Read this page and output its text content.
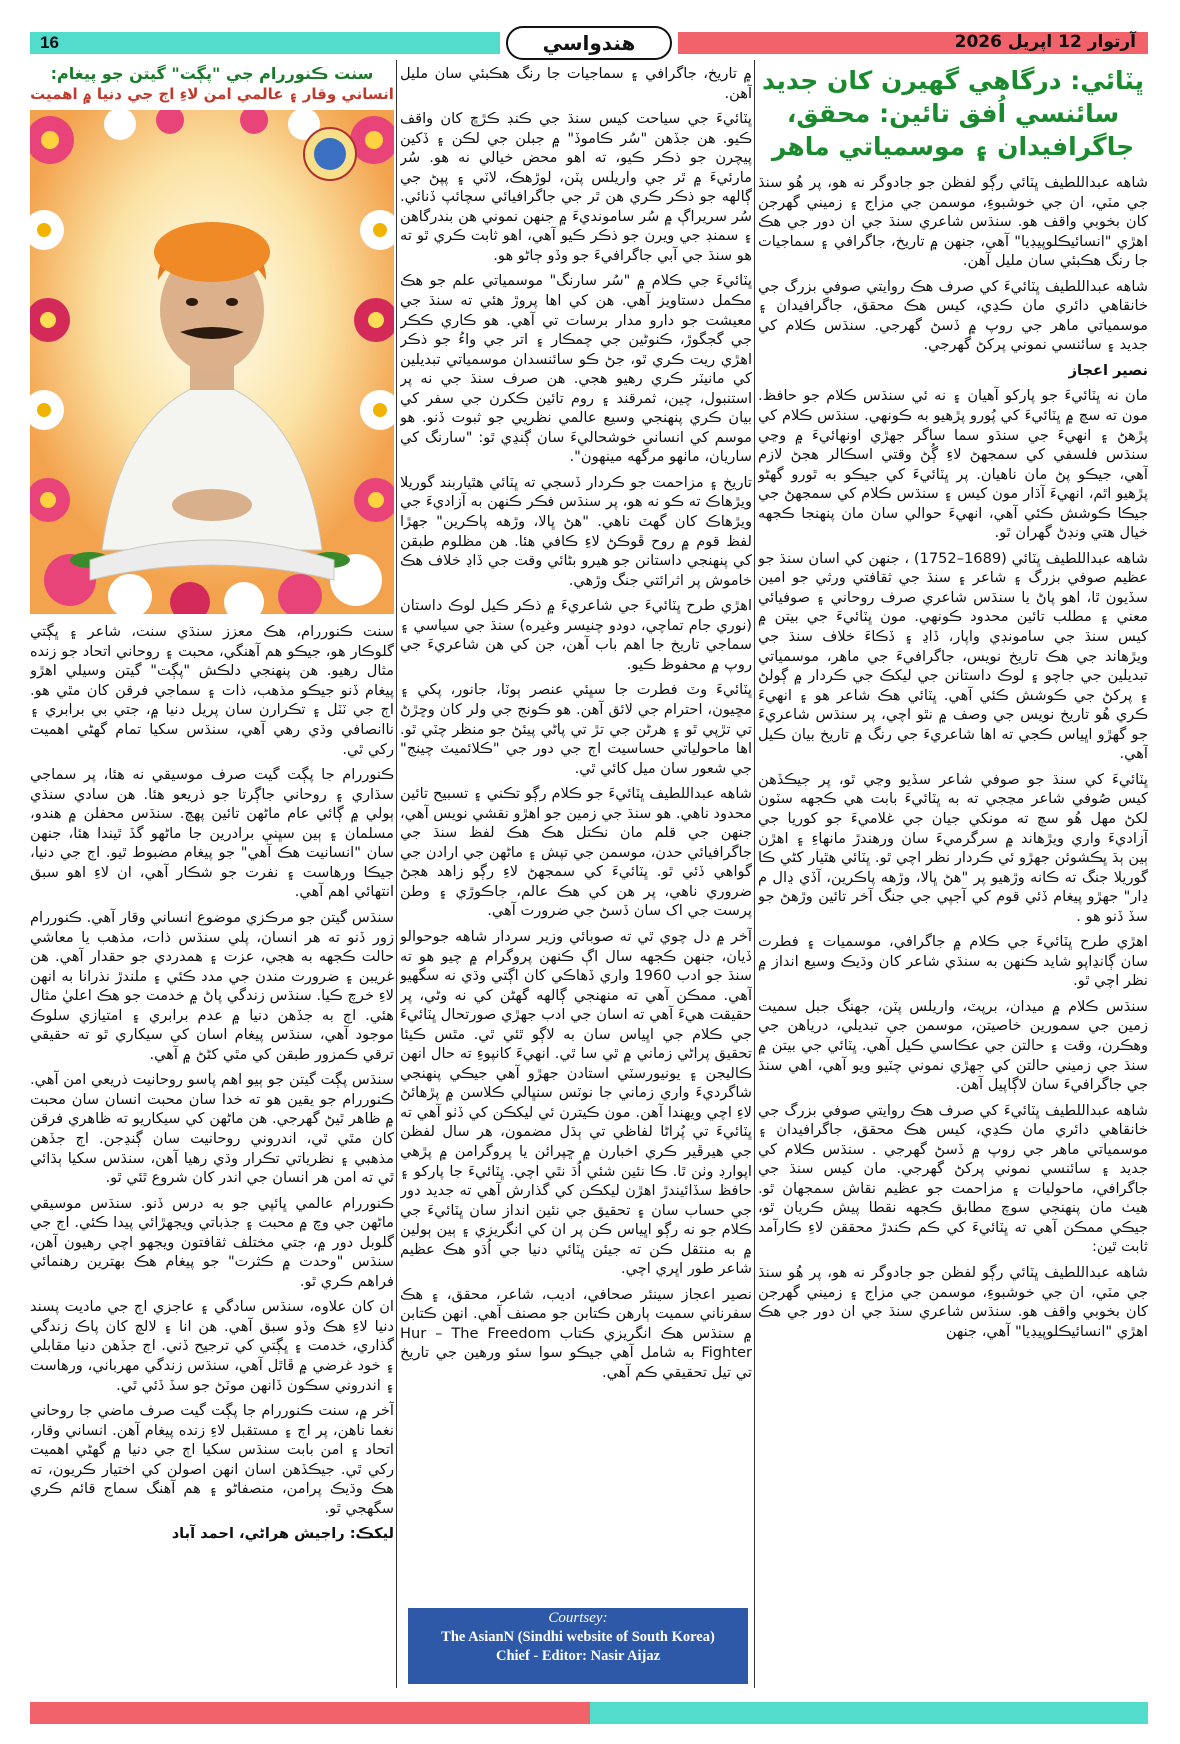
16	هندواسي	آرتوار 12 اپريل 2026
ڀٽائي: درگاهي گهيرن کان جديد سائنسي اُفق تائين: محقق، جاگرافيدان ۽ موسمياتي ماهر

شاهه عبداللطيف ڀٽائي رڳو لفظن جو جادوگر نه هو، پر هُو سنڌ جي مٽي، ان جي خوشبوءِ، موسمن جي مزاج ۽ زميني گهرجن کان بخوبي واقف هو. سنڌس شاعري سنڌ جي ان دور جي هڪ اهڙي "انسائيڪلوپيڊيا" آهي، جنهن ۾ تاريخ، جاگرافي ۽ سماجيات جا رنگ هڪبئي سان مليل آهن.

شاهه عبداللطيف ڀٽائيءَ کي صرف هڪ روايتي صوفي بزرگ جي خانقاهي دائري مان ڪڍي، کيس هڪ محقق، جاگرافيدان ۽ موسمياتي ماهر جي روپ ۾ ڏسڻ گهرجي. سنڌس ڪلام کي جديد ۽ سائنسي نموني پرکڻ گهرجي.

نصير اعجاز

مان نه ڀٽائيءَ جو پارکو آهيان ۽ نه ئي سنڌس ڪلام جو حافظ. مون ته سچ ۾ ڀٽائيءَ کي پُورو پڙهيو به ڪونهي. سنڌس ڪلام کي پڙهڻ ۽ انهيءَ جي سنڌو سما ساگر جهڙي اونهائيءَ ۾ وڃي سنڌس فلسفي کي سمجهڻ لاءِ ڳُڻ وقتي اسڪالر هجڻ لازم آهي، جيڪو پڻ مان ناهيان. پر ڀٽائيءَ کي جيڪو به ٿورو گهڻو پڙهيو اٿم، انهيءَ آڌار مون کيس ۽ سنڌس ڪلام کي سمجهڻ جي جيڪا ڪوشش ڪئي آهي، انهيءَ حوالي سان مان پنهنجا ڪجهه خيال هتي ونڊڻ گهران ٿو.

شاهه عبداللطيف ڀٽائي (1689–1752) ، جنهن کي اسان سنڌ جو عظيم صوفي بزرگ ۽ شاعر ۽ سنڌ جي ثقافتي ورثي جو امين سڏيون ٿا، اهو پاڻ يا سنڌس شاعري صرف روحاني ۽ صوفيائي معني ۽ مطلب تائين محدود ڪونهي. مون ڀٽائيءَ جي بيتن ۾ کيس سنڌ جي سامونڊي واپار، ڏاڍ ۽ ڏڪاءَ خلاف سنڌ جي ويڙهاند جي هڪ تاريخ نويس، جاگرافيءَ جي ماهر، موسمياتي تبديلين جي جاچو ۽ لوڪ داستانن جي ليکڪ جي ڪردار ۾ ڳولڻ ۽ پرکڻ جي ڪوشش ڪئي آهي. ڀٽائي هڪ شاعر هو ۽ انهيءَ ڪري هُو تاريخ نويس جي وصف ۾ نٿو اچي، پر سنڌس شاعريءَ جو گهڙو اڀياس ڪجي ته اها شاعريءَ جي رنگ ۾ تاريخ بيان ڪيل آهي.

ڀٽائيءَ کي سنڌ جو صوفي شاعر سڏيو وڃي ٿو، پر جيڪڏهن کيس صُوفي شاعر مڃجي ته به ڀٽائيءَ بابت هي ڪجهه سٽون لکڻ مهل هُو سچ ته مونکي جيان جي غلاميءَ جو کوريا جي آزاديءَ واري ويڙهاند ۾ سرگرميءَ سان ورهندڙ مانهاءِ ۽ اهڙن ٻين ٻڌ ڀڪشوئن جهڙو ئي ڪردار نظر اچي ٿو. ڀٽائي هٿيار کڻي ڪا گوريلا جنگ ته ڪانه وڙهيو پر "هڻ ڀالا، وڙهه پاڪرين، آڏي ڍال م ڍار" جهڙو پيغام ڏئي قوم کي آجپي جي جنگ آخر تائين وڙهڻ جو سڏ ڏنو هو .

اهڙي طرح ڀٽائيءَ جي ڪلام ۾ جاگرافي، موسميات ۽ فطرت سان ڳانڍاپو شايد ڪنهن به سنڌي شاعر کان وڌيڪ وسيع انداز ۾ نظر اچي ٿو.

سنڌس ڪلام ۾ ميدان، برپٽ، واريلس پٽن، جهنگ جبل سميت زمين جي سمورين خاصيتن، موسمن جي تبديلي، درياهن جي وهڪرن، وقت ۽ حالتن جي عڪاسي ڪيل آهي. ڀٽائي جي بيتن ۾ سنڌ جي زميني حالتن کي جهڙي نموني چٽيو ويو آهي، اهي سنڌ جي جاگرافيءَ سان لاڳاپيل آهن.

شاهه عبداللطيف ڀٽائيءَ کي صرف هڪ روايتي صوفي بزرگ جي خانقاهي دائري مان ڪڍي، کيس هڪ محقق، جاگرافيدان ۽ موسمياتي ماهر جي روپ ۾ ڏسڻ گهرجي . سنڌس ڪلام کي جديد ۽ سائنسي نموني پرکڻ گهرجي. مان کيس سنڌ جي جاگرافي، ماحوليات ۽ مزاحمت جو عظيم نقاش سمجهان ٿو. هيٺ مان پنهنجي سوچ مطابق ڪجهه نقطا پيش ڪريان ٿو، جيڪي ممڪن آهي ته ڀٽائيءَ کي ڪم ڪندڙ محققن لاءِ ڪارآمد ثابت ٿين:

شاهه عبداللطيف ڀٽائي رڳو لفظن جو جادوگر نه هو، پر هُو سنڌ جي مٽي، ان جي خوشبوءِ، موسمن جي مزاج ۽ زميني گهرجن کان بخوبي واقف هو. سنڌس شاعري سنڌ جي ان دور جي هڪ اهڙي "انسائيڪلوپيڊيا" آهي، جنهن

۾ تاريخ، جاگرافي ۽ سماجيات جا رنگ هڪبئي سان مليل آهن.

ڀٽائيءَ جي سياحت کيس سنڌ جي ڪنڊ ڪڙڇ کان واقف ڪيو. هن جڏهن "سُر ڪاموڏ" ۾ جبلن جي لڪن ۽ ڏکين پيچرن جو ذڪر ڪيو، ته اهو محض خيالي نه هو. سُر مارئيءَ ۾ ٿر جي واريلس پٽن، لوڙهڪ، لاٽي ۽ پپڻ جي ڳالهه جو ذڪر ڪري هن ٿر جي جاگرافيائي سچائپ ڏنائي. سُر سريراڳ ۾ سُر سامونديءَ ۾ جنهن نموني هن بندرگاهن ۽ سمنڊ جي ويرن جو ذڪر ڪيو آهي، اهو ثابت ڪري ٿو ته هو سنڌ جي آبي جاگرافيءَ جو وڏو ڄاڻو هو.

ڀٽائيءَ جي ڪلام ۾ "سُر سارنگ" موسمياتي علم جو هڪ مڪمل دستاويز آهي. هن کي اها پروڙ هئي ته سنڌ جي معيشت جو دارو مدار برسات تي آهي. هو ڪاري ڪڪر جي گجگوڙ، ڪنوڻين جي چمڪار ۽ اتر جي واءُ جو ذڪر اهڙي ريت ڪري ٿو، جڻ ڪو سائنسدان موسمياتي تبديلين کي مانيٽر ڪري رهيو هجي. هن صرف سنڌ جي نه پر استنبول، چين، ثمرقند ۽ روم تائين ڪکرن جي سفر کي بيان ڪري پنهنجي وسيع عالمي نظريي جو ثبوت ڏنو. هو موسم کي انساني خوشحاليءَ سان ڳنڍي ٿو: "سارنگ کي ساريان، ماٺهو مرگهه مينهون".

تاريخ ۽ مزاحمت جو ڪردار ڏسجي ته ڀٽائي هٿياربند گوريلا ويڙهاڪ ته ڪو نه هو، پر سنڌس فڪر ڪنهن به آزاديءَ جي ويڙهاڪ کان گهٽ ناهي. "هڻ ڀالا، وڙهه پاڪرين" جهڙا لفظ قوم ۾ روح ڦوڪڻ لاءِ ڪافي هئا. هن مظلوم طبقن کي پنهنجي داستانن جو هيرو بڻائي وقت جي ڏاڍ خلاف هڪ خاموش پر اثرائتي جنگ وڙهي.

اهڙي طرح ڀٽائيءَ جي شاعريءَ ۾ ذڪر ڪيل لوڪ داستان (نوري جام تماچي، دودو چنيسر وغيره) سنڌ جي سياسي ۽ سماجي تاريخ جا اهم باب آهن، جن کي هن شاعريءَ جي روپ ۾ محفوظ ڪيو.

ڀٽائيءَ وٽ فطرت جا سڀئي عنصر ٻوٽا، جانور، پکي ۽ مڇيون، احترام جي لائق آهن. هو ڪونج جي ولر کان وڇڙڻ تي تڙپي ٿو ۽ هرڻن جي تڙ تي پاڻي پيئڻ جو منظر چٽي ٿو. اها ماحولياتي حساسيت اڄ جي دور جي "ڪلائميٽ چينج" جي شعور سان ميل کائي ٿي.

شاهه عبداللطيف ڀٽائيءَ جو ڪلام رڳو تڪني ۽ تسبيح تائين محدود ناهي. هو سنڌ جي زمين جو اهڙو نقشي نويس آهي، جنهن جي قلم مان نڪتل هڪ هڪ لفظ سنڌ جي جاگرافيائي حدن، موسمن جي تپش ۽ ماڻهن جي ارادن جي گواهي ڏئي ٿو. ڀٽائيءَ کي سمجهڻ لاءِ رڳو زاهد هجڻ ضروري ناهي، پر هن کي هڪ عالم، جاڪوڙي ۽ وطن پرست جي اک سان ڏسڻ جي ضرورت آهي.

آخر ۾ دل چوي ٿي ته صوبائي وزير سردار شاهه جوحوالو ڏيان، جنهن ڪجهه سال اڳ ڪنهن پروگرام ۾ چيو هو ته سنڌ جو ادب 1960 واري ڏهاڪي کان اڳتي وڌي نه سگهيو آهي. ممڪن آهي ته منهنجي ڳالهه گهڻن کي نه وڻي، پر حقيقت هيءَ آهي ته اسان جي ادب جهڙي صورتحال ڀٽائيءَ جي ڪلام جي اڀياس سان به لاڳو ٿئي ٿي. مٿس ڪيئا تحقيق پراڻي زماني ۾ ٿي سا ٿي. انهيءَ کانپوءِ ته حال انهن ڪاليجن ۽ يونيورسٽي استادن جهڙو آهي جيڪي پنهنجي شاگرديءَ واري زماني جا نوٽس سنڀالي ڪلاسن ۾ پڙهائڻ لاءِ اچي ويهندا آهن. مون ڪيترن ئي ليکڪن کي ڏٺو آهي ته ڀٽائيءَ تي پُراڻا لفاظي تي ٻڌل مضمون، هر سال لفظن جي هيرڦير ڪري اخبارن ۾ ڇپرائن يا پروگرامن ۾ پڙهي اپوارڊ وٺن ٿا. ڪا نئين شئي اُڌ نٿي اچي. ڀٽائيءَ جا پارکو ۽ حافظ سڏائيندڙ اهڙن ليکڪن کي گذارش آهي ته جديد دور جي حساب سان ۽ تحقيق جي نئين انداز سان ڀٽائيءَ جي ڪلام جو نه رڳو اڀياس ڪن پر ان کي انگريزي ۽ ٻين ٻولين ۾ به منتقل ڪن ته جيئن ڀٽائي دنيا جي اُڌو هڪ عظيم شاعر طور اڀري اچي.

نصير اعجاز سينئر صحافي، اديب، شاعر، محقق، ۽ هڪ سفرناني سميت ٻارهن ڪتابن جو مصنف آهي. انهن ڪتابن ۾ سنڌس هڪ انگريزي ڪتاب Hur – The Freedom Fighter به شامل آهي جيڪو سوا سئو ورهين جي تاريخ تي تيل تحقيقي ڪم آهي.

Courtsey:
The AsianN (Sindhi website of South Korea)
Chief - Editor: Nasir Aijaz
سنت ڪنوررام جي "پڳت" گيتن جو پيغام:
انساني وقار ۽ عالمي امن لاءِ اڄ جي دنيا ۾ اهميت

سنت ڪنوررام، هڪ معزز سنڌي سنت، شاعر ۽ ڀڳتي گلوڪار هو، جيڪو هم آهنگي، محبت ۽ روحاني اتحاد جو زنده مثال رهيو. هن پنهنجي دلڪش "پڳت" گيتن وسيلي اهڙو پيغام ڏنو جيڪو مذهب، ذات ۽ سماجي فرقن کان مٿي هو. اڄ جي ٽٽل ۽ تڪرارن سان پريل دنيا ۾، جتي بي برابري ۽ ناانصافي وڌي رهي آهي، سنڌس سکيا تمام گهڻي اهميت رکي ٿي.

ڪنوررام جا پڳت گيت صرف موسيقي نه هئا، پر سماجي سڌاري ۽ روحاني جاڳرتا جو ذريعو هئا. هن سادي سنڌي ٻولي ۾ ڳائي عام ماڻهن تائين پهچ. سنڌس محفلن ۾ هندو، مسلمان ۽ ٻين سڀني برادرين جا ماڻهو گڏ ٿيندا هئا، جنهن سان "انسانيت هڪ آهي" جو پيغام مضبوط ٿيو. اڄ جي دنيا، جيڪا ورهاست ۽ نفرت جو شڪار آهي، ان لاءِ اهو سبق انتهائي اهم آهي.

سنڌس گيتن جو مرڪزي موضوع انساني وقار آهي. ڪنوررام زور ڏنو ته هر انسان، پلي سنڌس ذات، مذهب يا معاشي حالت ڪجهه به هجي، عزت ۽ همدردي جو حقدار آهي. هن غريبن ۽ ضرورت مندن جي مدد ڪئي ۽ ملندڙ نذرانا به انهن لاءِ خرچ ڪيا. سنڌس زندگي پاڻ ۾ خدمت جو هڪ اعليٰ مثال هئي. اڄ به جڏهن دنيا ۾ عدم برابري ۽ امتيازي سلوڪ موجود آهي، سنڌس پيغام اسان کي سيکاري ٿو ته حقيقي ترقي ڪمزور طبقن کي مٿي کڻڻ ۾ آهي.

سنڌس پڳت گيتن جو ٻيو اهم پاسو روحانيت ذريعي امن آهي. ڪنوررام جو يقين هو ته خدا سان محبت انسان سان محبت ۾ ظاهر ٿيڻ گهرجي. هن ماڻهن کي سيکاريو ته ظاهري فرقن کان مٿي ٿي، اندروني روحانيت سان ڳنڍجن. اڄ جڏهن مذهبي ۽ نظرياتي تڪرار وڌي رهيا آهن، سنڌس سکيا ٻڌائي ٿي ته امن هر انسان جي اندر کان شروع ٿئي ٿو.

ڪنوررام عالمي ڀائپي جو به درس ڏنو. سنڌس موسيقي ماڻهن جي وچ ۾ محبت ۽ جذباتي ويجهڙائي پيدا ڪئي. اڄ جي گلوبل دور ۾، جتي مختلف ثقافتون ويجهو اچي رهيون آهن، سنڌس "وحدت ۾ ڪثرت" جو پيغام هڪ بهترين رهنمائي فراهم ڪري ٿو.

ان کان علاوه، سنڌس سادگي ۽ عاجزي اڄ جي ماديت پسند دنيا لاءِ هڪ وڏو سبق آهي. هن انا ۽ لالچ کان پاڪ زندگي گذاري، خدمت ۽ ڀڳتي کي ترجيح ڏني. اڄ جڏهن دنيا مقابلي ۽ خود غرضي ۾ ڦاٿل آهي، سنڌس زندگي مهرباني، ورهاست ۽ اندروني سڪون ڏانهن موٽڻ جو سڏ ڏئي ٿي.

آخر ۾، سنت ڪنوررام جا پڳت گيت صرف ماضي جا روحاني نغما ناهن، پر اڄ ۽ مستقبل لاءِ زنده پيغام آهن. انساني وقار، اتحاد ۽ امن بابت سنڌس سکيا اڄ جي دنيا ۾ گهڻي اهميت رکي ٿي. جيڪڏهن اسان انهن اصولن کي اختيار ڪريون، ته هڪ وڌيڪ پرامن، منصفاڻو ۽ هم آهنگ سماج قائم ڪري سگهجي ٿو.

ليکڪ: راجيش هراڻي، احمد آباد
